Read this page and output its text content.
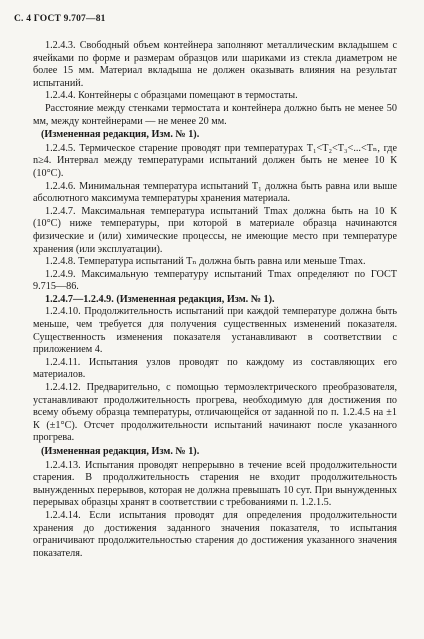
С. 4 ГОСТ 9.707—81

1.2.4.3. Свободный объем контейнера заполняют металлическим вкладышем с ячейками по форме и размерам образцов или шариками из стекла диаметром не более 15 мм. Материал вкладыша не должен оказывать влияния на результат испытаний.

1.2.4.4. Контейнеры с образцами помещают в термостаты.

Расстояние между стенками термостата и контейнера должно быть не менее 50 мм, между контейнерами — не менее 20 мм.

(Измененная редакция, Изм. № 1).

1.2.4.5. Термическое старение проводят при температурах T₁<T₂<T₃<...<Tₙ, где n≥4. Интервал между температурами испытаний должен быть не менее 10 К (10°С).

1.2.4.6. Минимальная температура испытаний T₁ должна быть равна или выше абсолютного максимума температуры хранения материала.

1.2.4.7. Максимальная температура испытаний Tmax должна быть на 10 К (10°С) ниже температуры, при которой в материале образца начинаются физические и (или) химические процессы, не имеющие место при температуре хранения (или эксплуатации).

1.2.4.8. Температура испытаний Tₙ должна быть равна или меньше Tmax.

1.2.4.9. Максимальную температуру испытаний Tmax определяют по ГОСТ 9.715—86.

1.2.4.7—1.2.4.9. (Измененная редакция, Изм. № 1).

1.2.4.10. Продолжительность испытаний при каждой температуре должна быть меньше, чем требуется для получения существенных изменений показателя. Существенность изменения показателя устанавливают в соответствии с приложением 4.

1.2.4.11. Испытания узлов проводят по каждому из составляющих его материалов.

1.2.4.12. Предварительно, с помощью термоэлектрического преобразователя, устанавливают продолжительность прогрева, необходимую для достижения по всему объему образца температуры, отличающейся от заданной по п. 1.2.4.5 на ±1 К (±1°С). Отсчет продолжительности испытаний начинают после указанного прогрева.

(Измененная редакция, Изм. № 1).

1.2.4.13. Испытания проводят непрерывно в течение всей продолжительности старения. В продолжительность старения не входит продолжительность вынужденных перерывов, которая не должна превышать 10 сут. При вынужденных перерывах образцы хранят в соответствии с требованиями п. 1.2.1.5.

1.2.4.14. Если испытания проводят для определения продолжительности хранения до достижения заданного значения показателя, то испытания ограничивают продолжительностью старения до достижения указанного значения показателя.
